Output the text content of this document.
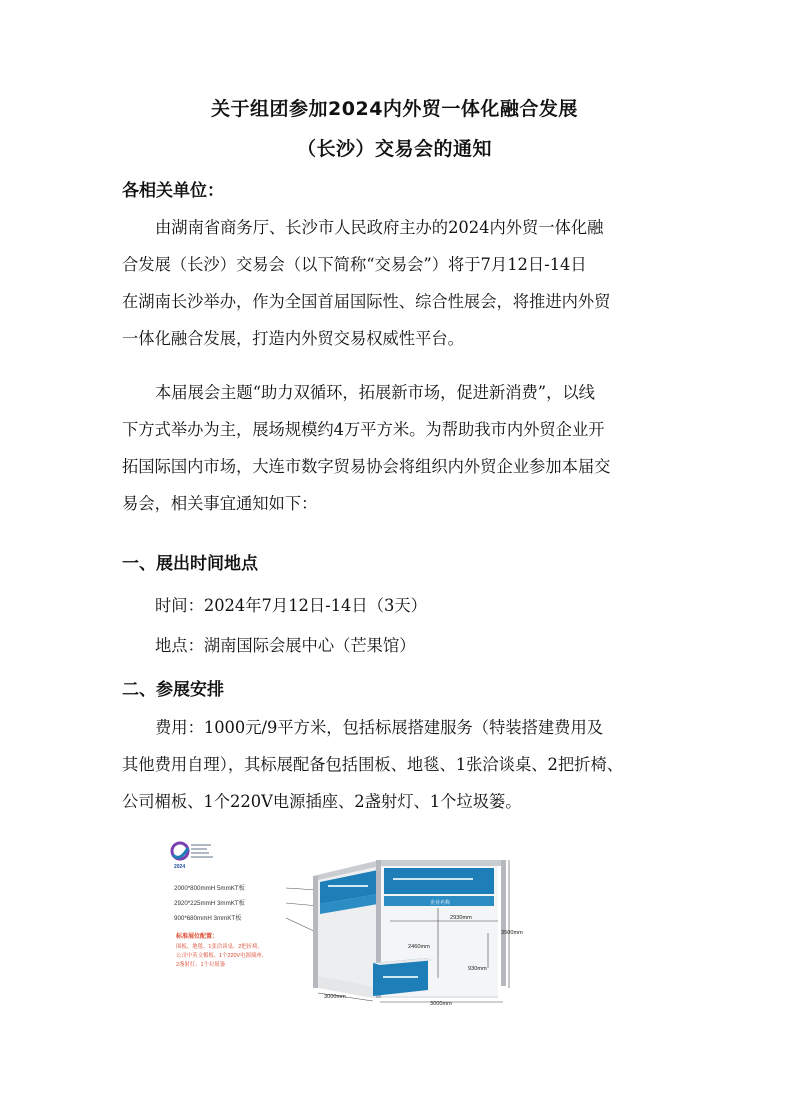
关于组团参加2024内外贸一体化融合发展
（长沙）交易会的通知
各相关单位：
由湖南省商务厅、长沙市人民政府主办的2024内外贸一体化融
合发展（长沙）交易会（以下简称“交易会”）将于7月12日-14日
在湖南长沙举办，作为全国首届国际性、综合性展会，将推进内外贸
一体化融合发展，打造内外贸交易权威性平台。
本届展会主题“助力双循环，拓展新市场，促进新消费”，以线
下方式举办为主，展场规模约4万平方米。为帮助我市内外贸企业开
拓国际国内市场，大连市数字贸易协会将组织内外贸企业参加本届交
易会，相关事宜通知如下：
一、展出时间地点
时间：2024年7月12日-14日（3天）
地点：湖南国际会展中心（芒果馆）
二、参展安排
费用：1000元/9平方米，包括标展搭建服务（特装搭建费用及
其他费用自理），其标展配备包括围板、地毯、1张洽谈桌、2把折椅、
公司楣板、1个220V电源插座、2盏射灯、1个垃圾篓。
2024
2000*800mmH 5mmKT板
2920*225mmH 3mmKT板
900*680mmH 3mmKT板
标准展位配置：
围板、地毯、1张洽谈桌、2把折椅、
公司中英文楣板、1个220V电源插座、
2盏射灯、1个垃圾篓
企业名称
2930mm
2460mm
3500mm
930mm
3000mm
3000mm
